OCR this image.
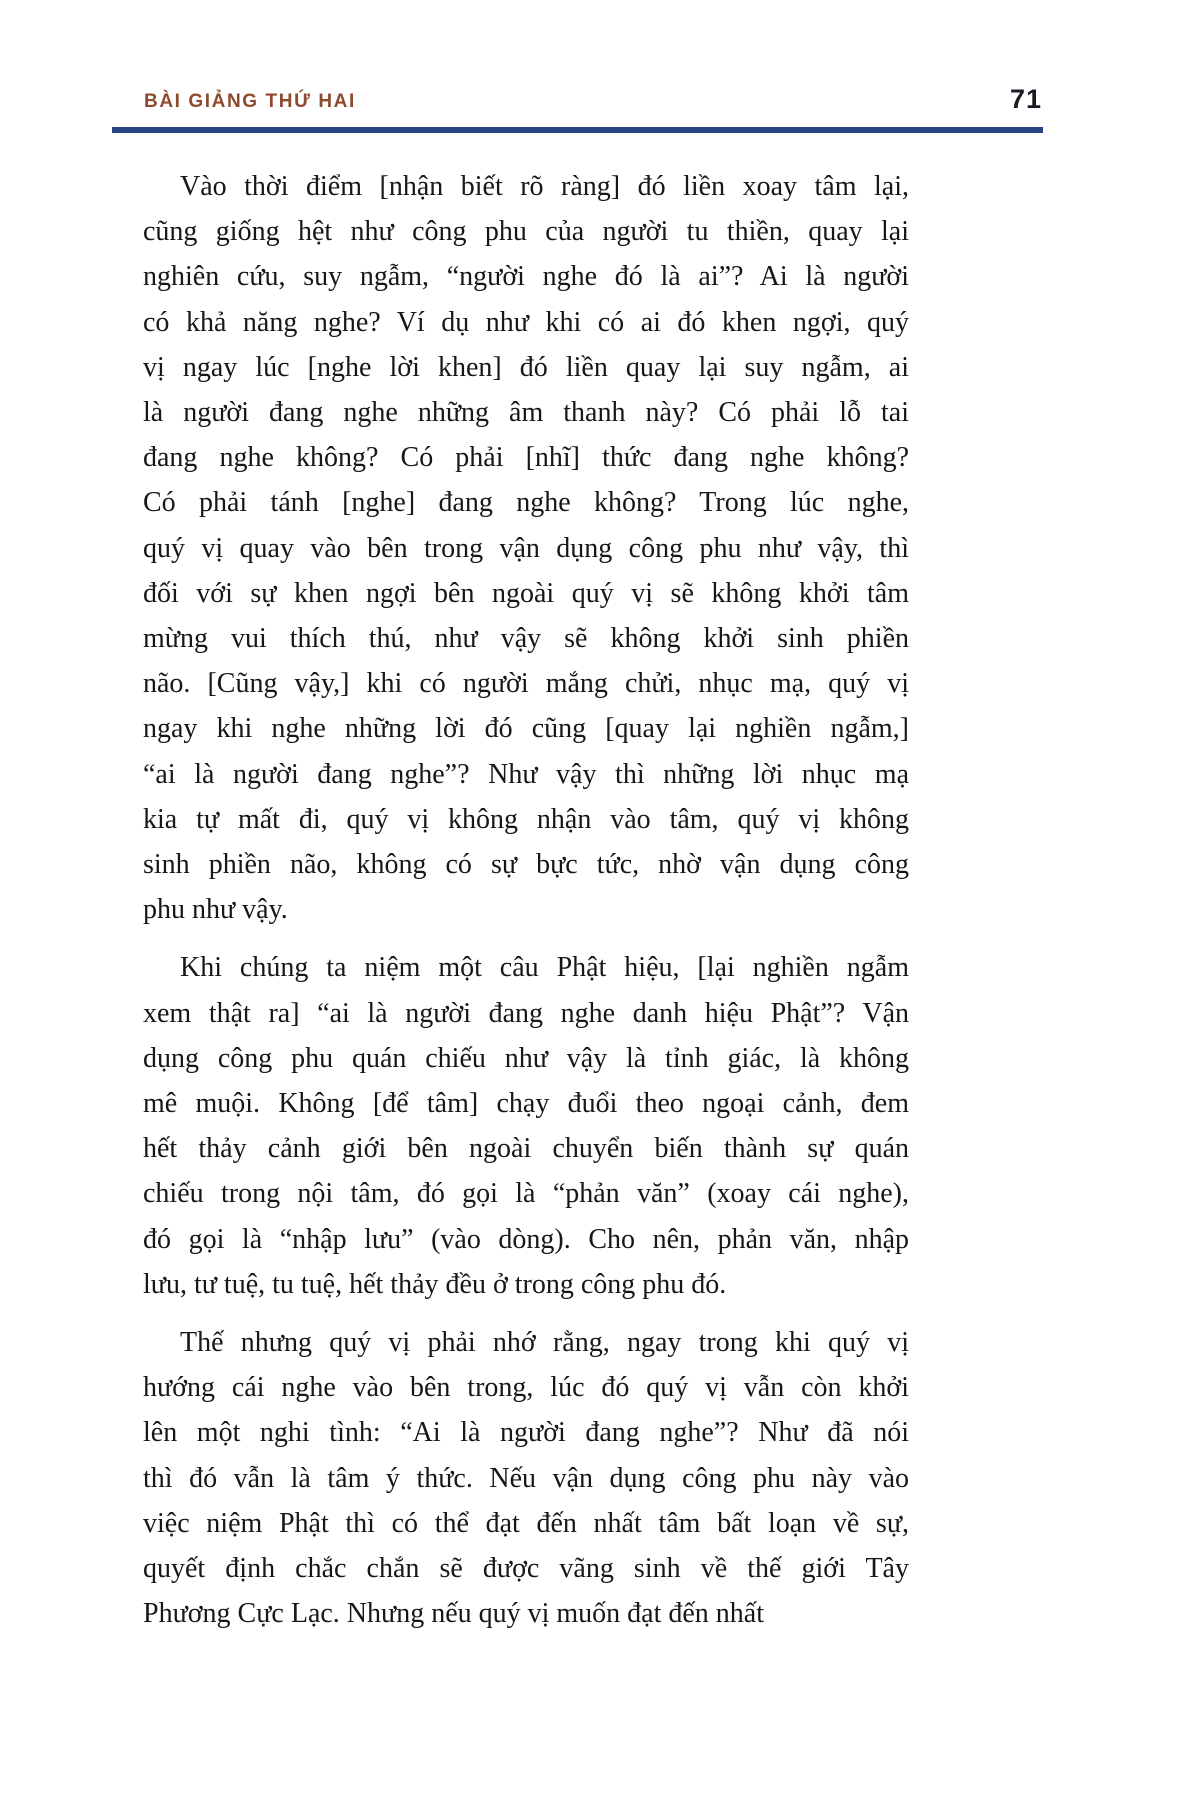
BÀI GIẢNG THỨ HAI	71
Vào thời điểm [nhận biết rõ ràng] đó liền xoay tâm lại,
cũng giống hệt như công phu của người tu thiền, quay lại
nghiên cứu, suy ngẫm, “người nghe đó là ai”? Ai là người
có khả năng nghe? Ví dụ như khi có ai đó khen ngợi, quý
vị ngay lúc [nghe lời khen] đó liền quay lại suy ngẫm, ai
là người đang nghe những âm thanh này? Có phải lỗ tai
đang nghe không? Có phải [nhĩ] thức đang nghe không?
Có phải tánh [nghe] đang nghe không? Trong lúc nghe,
quý vị quay vào bên trong vận dụng công phu như vậy, thì
đối với sự khen ngợi bên ngoài quý vị sẽ không khởi tâm
mừng vui thích thú, như vậy sẽ không khởi sinh phiền
não. [Cũng vậy,] khi có người mắng chửi, nhục mạ, quý vị
ngay khi nghe những lời đó cũng [quay lại nghiền ngẫm,]
“ai là người đang nghe”? Như vậy thì những lời nhục mạ
kia tự mất đi, quý vị không nhận vào tâm, quý vị không
sinh phiền não, không có sự bực tức, nhờ vận dụng công
phu như vậy.
Khi chúng ta niệm một câu Phật hiệu, [lại nghiền ngẫm
xem thật ra] “ai là người đang nghe danh hiệu Phật”? Vận
dụng công phu quán chiếu như vậy là tỉnh giác, là không
mê muội. Không [để tâm] chạy đuổi theo ngoại cảnh, đem
hết thảy cảnh giới bên ngoài chuyển biến thành sự quán
chiếu trong nội tâm, đó gọi là “phản văn” (xoay cái nghe),
đó gọi là “nhập lưu” (vào dòng). Cho nên, phản văn, nhập
lưu, tư tuệ, tu tuệ, hết thảy đều ở trong công phu đó.
Thế nhưng quý vị phải nhớ rằng, ngay trong khi quý vị
hướng cái nghe vào bên trong, lúc đó quý vị vẫn còn khởi
lên một nghi tình: “Ai là người đang nghe”? Như đã nói
thì đó vẫn là tâm ý thức. Nếu vận dụng công phu này vào
việc niệm Phật thì có thể đạt đến nhất tâm bất loạn về sự,
quyết định chắc chắn sẽ được vãng sinh về thế giới Tây
Phương Cực Lạc. Nhưng nếu quý vị muốn đạt đến nhất
